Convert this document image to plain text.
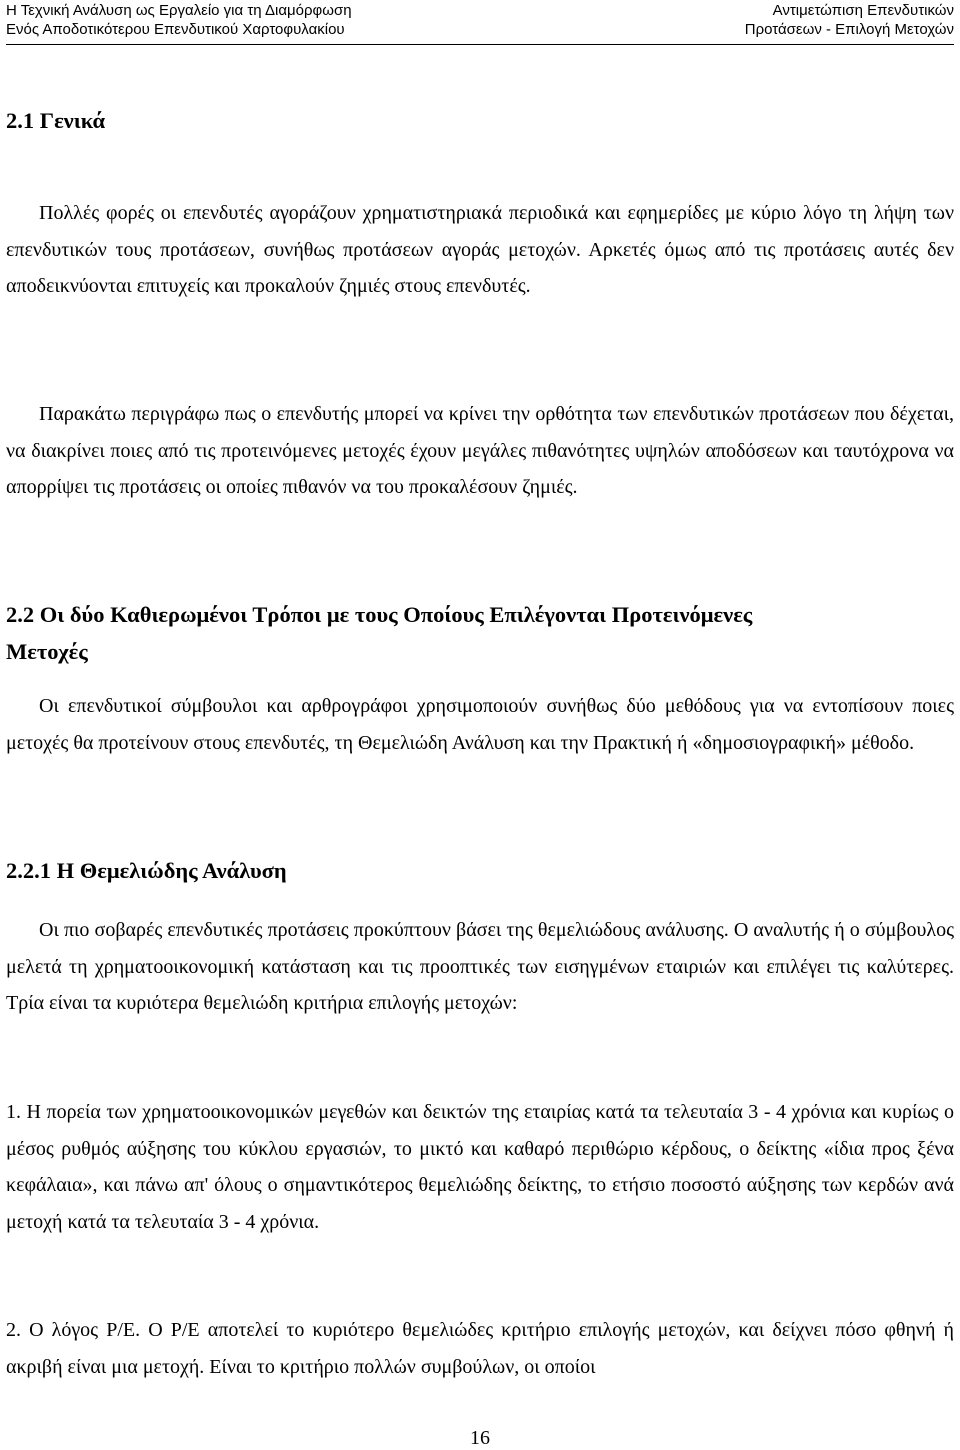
Η Τεχνική Ανάλυση ως Εργαλείο για τη Διαμόρφωση
Ενός Αποδοτικότερου Επενδυτικού Χαρτοφυλακίου
Αντιμετώπιση Επενδυτικών
Προτάσεων - Επιλογή Μετοχών
2.1 Γενικά

Πολλές φορές οι επενδυτές αγοράζουν χρηματιστηριακά περιοδικά και εφημερίδες με κύριο λόγο τη λήψη των επενδυτικών τους προτάσεων, συνήθως προτάσεων αγοράς μετοχών. Αρκετές όμως από τις προτάσεις αυτές δεν αποδεικνύονται επιτυχείς και προκαλούν ζημιές στους επενδυτές.

Παρακάτω περιγράφω πως ο επενδυτής μπορεί να κρίνει την ορθότητα των επενδυτικών προτάσεων που δέχεται, να διακρίνει ποιες από τις προτεινόμενες μετοχές έχουν μεγάλες πιθανότητες υψηλών αποδόσεων και ταυτόχρονα να απορρίψει τις προτάσεις οι οποίες πιθανόν να του προκαλέσουν ζημιές.

2.2 Οι δύο Καθιερωμένοι Τρόποι με τους Οποίους Επιλέγονται Προτεινόμενες
Μετοχές

Οι επενδυτικοί σύμβουλοι και αρθρογράφοι χρησιμοποιούν συνήθως δύο μεθόδους για να εντοπίσουν ποιες μετοχές θα προτείνουν στους επενδυτές, τη Θεμελιώδη Ανάλυση και την Πρακτική ή «δημοσιογραφική» μέθοδο.

2.2.1 Η Θεμελιώδης Ανάλυση

Οι πιο σοβαρές επενδυτικές προτάσεις προκύπτουν βάσει της θεμελιώδους ανάλυσης. Ο αναλυτής ή ο σύμβουλος μελετά τη χρηματοοικονομική κατάσταση και τις προοπτικές των εισηγμένων εταιριών και επιλέγει τις καλύτερες. Τρία είναι τα κυριότερα θεμελιώδη κριτήρια επιλογής μετοχών:

1. Η πορεία των χρηματοοικονομικών μεγεθών και δεικτών της εταιρίας κατά τα τελευταία 3 - 4 χρόνια και κυρίως ο μέσος ρυθμός αύξησης του κύκλου εργασιών, το μικτό και καθαρό περιθώριο κέρδους, ο δείκτης «ίδια προς ξένα κεφάλαια», και πάνω απ' όλους ο σημαντικότερος θεμελιώδης δείκτης, το ετήσιο ποσοστό αύξησης των κερδών ανά μετοχή κατά τα τελευταία 3 - 4 χρόνια.

2. Ο λόγος Ρ/Ε. Ο Ρ/Ε αποτελεί το κυριότερο θεμελιώδες κριτήριο επιλογής μετοχών, και δείχνει πόσο φθηνή ή ακριβή είναι μια μετοχή. Είναι το κριτήριο πολλών συμβούλων, οι οποίοι

16
